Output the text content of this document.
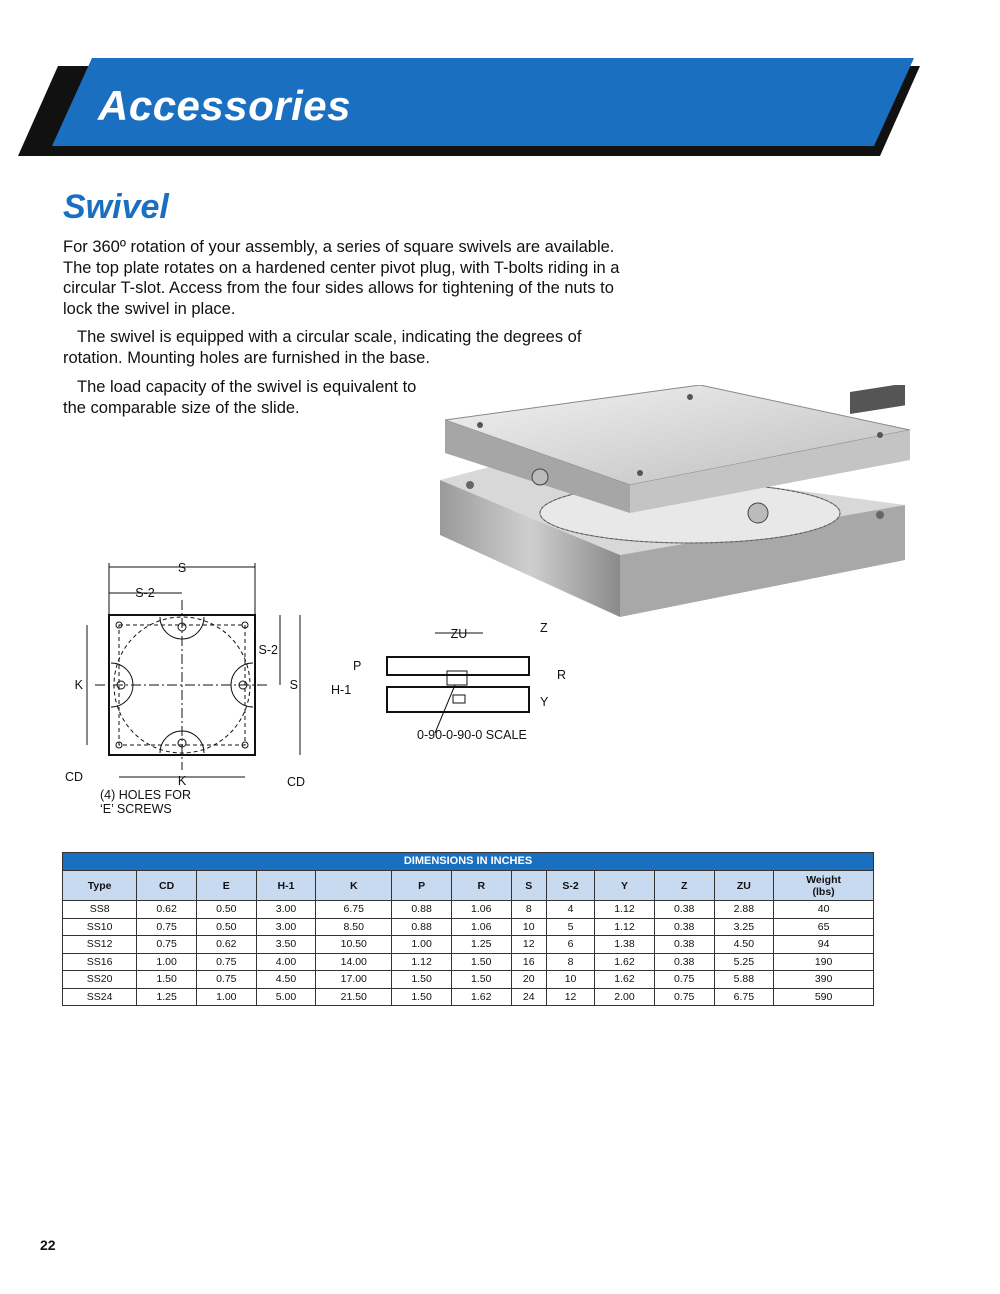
Accessories
Swivel

For 360º rotation of your assembly, a series of square swivels are available. The top plate rotates on a hardened center pivot plug, with T-bolts riding in a circular T-slot. Access from the four sides allows for tightening of the nuts to lock the swivel in place.

The swivel is equipped with a circular scale, indicating the degrees of rotation. Mounting holes are furnished in the base.

The load capacity of the swivel is equivalent to the comparable size of the slide.

S
S-2
S
S-2
K
K
CD	CD
(4) HOLES FOR
‘E’ SCREWS
ZU	Z
P
R
H-1
Y
0-90-0-90-0 SCALE
DIMENSIONS IN INCHES
Type	CD	E	H-1	K	P	R	S	S-2	Y	Z	ZU	Weight
(lbs)
SS8	0.62	0.50	3.00	6.75	0.88	1.06	8	4	1.12	0.38	2.88	40
SS10	0.75	0.50	3.00	8.50	0.88	1.06	10	5	1.12	0.38	3.25	65
SS12	0.75	0.62	3.50	10.50	1.00	1.25	12	6	1.38	0.38	4.50	94
SS16	1.00	0.75	4.00	14.00	1.12	1.50	16	8	1.62	0.38	5.25	190
SS20	1.50	0.75	4.50	17.00	1.50	1.50	20	10	1.62	0.75	5.88	390
SS24	1.25	1.00	5.00	21.50	1.50	1.62	24	12	2.00	0.75	6.75	590
22
